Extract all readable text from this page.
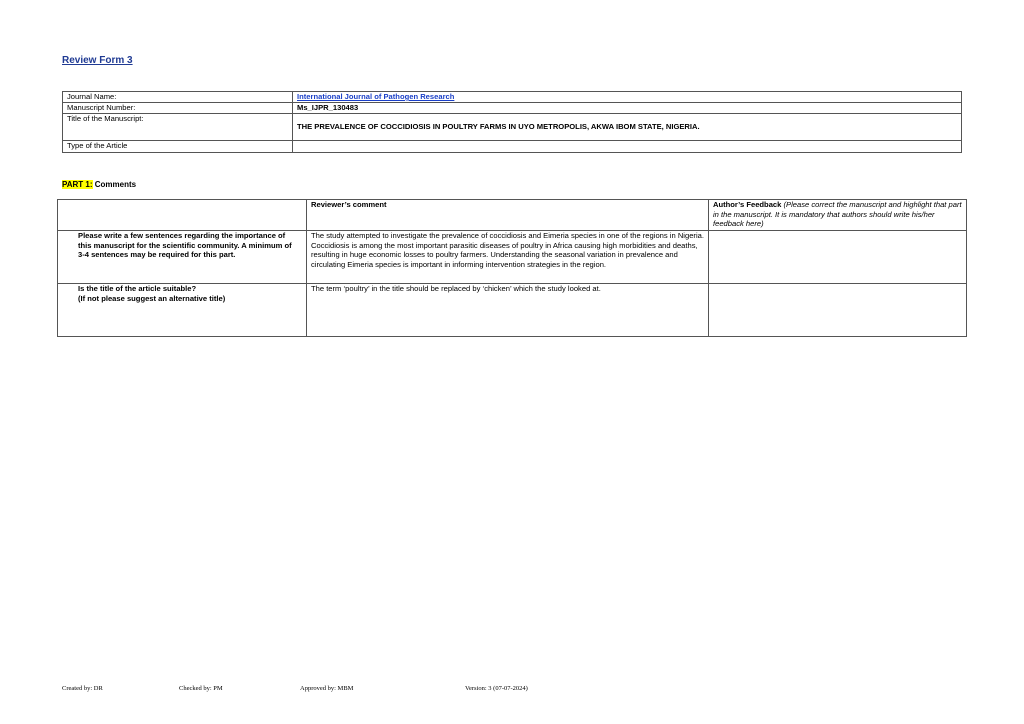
Review Form 3
Journal Name:	International Journal of Pathogen Research
Manuscript Number:	Ms_IJPR_130483
Title of the Manuscript:	THE PREVALENCE OF COCCIDIOSIS IN POULTRY FARMS IN UYO METROPOLIS, AKWA IBOM STATE, NIGERIA.

Type of the Article	
PART 1: Comments
	Reviewer’s comment	Author’s Feedback (Please correct the manuscript and highlight that part in the manuscript. It is mandatory that authors should write his/her feedback here)
Please write a few sentences regarding the importance of this manuscript for the scientific community. A minimum of 3-4 sentences may be required for this part.	The study attempted to investigate the prevalence of coccidiosis and Eimeria species in one of the regions in Nigeria. Coccidiosis is among the most important parasitic diseases of poultry in Africa causing high morbidities and deaths, resulting in huge economic losses to poultry farmers. Understanding the seasonal variation in prevalence and circulating Eimeria species is important in informing intervention strategies in the region.	
Is the title of the article suitable?
(If not please suggest an alternative title)	The term ‘poultry’ in the title should be replaced by ‘chicken’ which the study looked at.	
Created by: DR	Checked by: PM	Approved by: MBM	Version: 3 (07-07-2024)
